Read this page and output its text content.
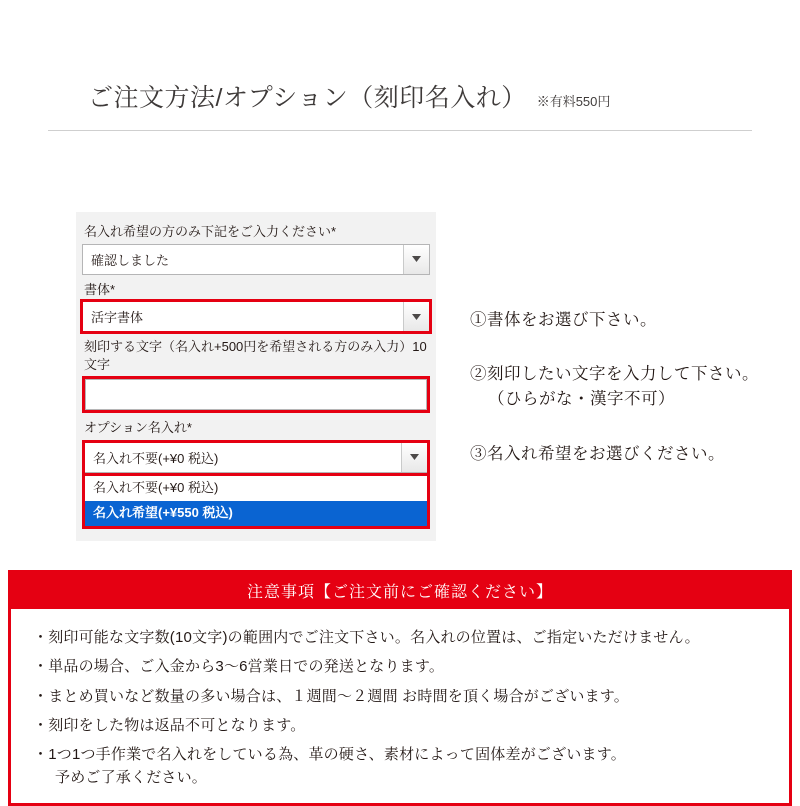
ご注文方法/オプション（刻印名入れ） ※有料550円
名入れ希望の方のみ下記をご入力ください*
確認しました
書体*
活字書体
刻印する文字（名入れ+500円を希望される方のみ入力）10文字
オプション名入れ*
名入れ不要(+¥0 税込)
名入れ不要(+¥0 税込)
名入れ希望(+¥550 税込)
①書体をお選び下さい。
②刻印したい文字を入力して下さい。
（ひらがな・漢字不可）
③名入れ希望をお選びください。
注意事項【ご注文前にご確認ください】
・刻印可能な文字数(10文字)の範囲内でご注文下さい。名入れの位置は、ご指定いただけません。
・単品の場合、ご入金から3〜6営業日での発送となります。
・まとめ買いなど数量の多い場合は、１週間〜２週間 お時間を頂く場合がございます。
・刻印をした物は返品不可となります。
・1つ1つ手作業で名入れをしている為、革の硬さ、素材によって固体差がございます。
予めご了承ください。
